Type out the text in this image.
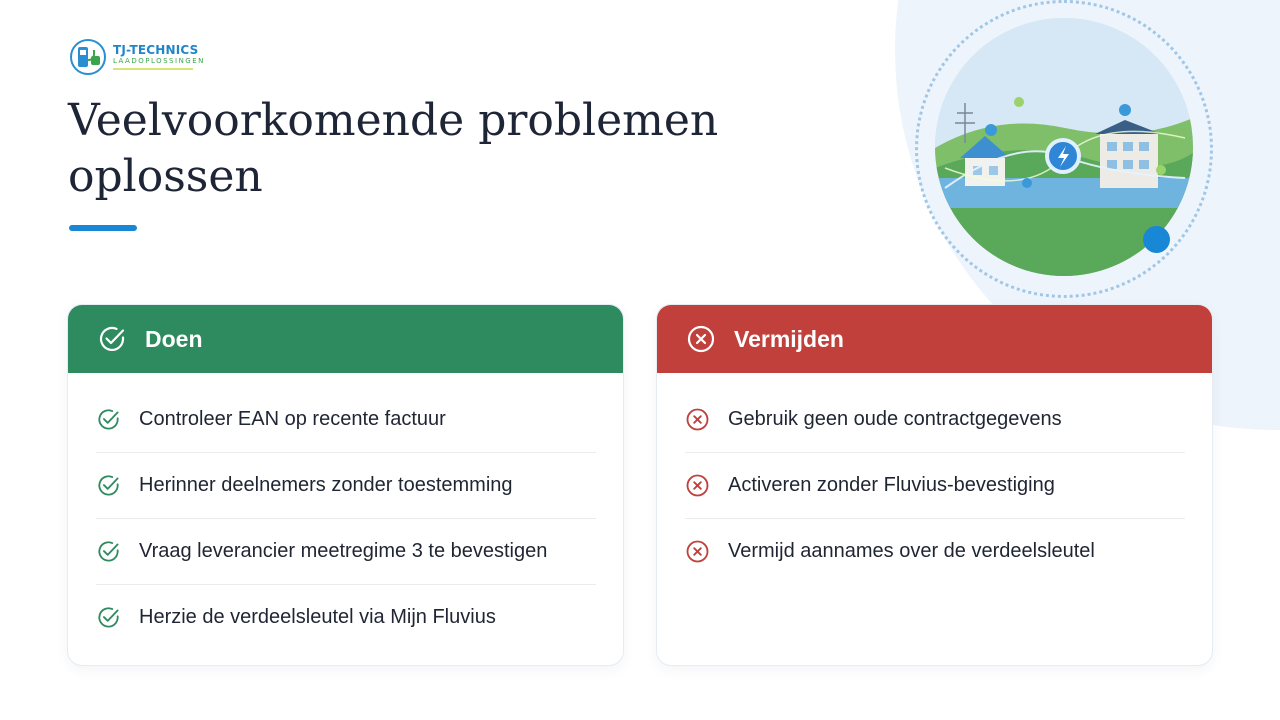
TJ-TECHNICS
LAADOPLOSSINGEN
Veelvoorkomende problemen
oplossen
Doen
Controleer EAN op recente factuur
Herinner deelnemers zonder toestemming
Vraag leverancier meetregime 3 te bevestigen
Herzie de verdeelsleutel via Mijn Fluvius
Vermijden
Gebruik geen oude contractgegevens
Activeren zonder Fluvius-bevestiging
Vermijd aannames over de verdeelsleutel
